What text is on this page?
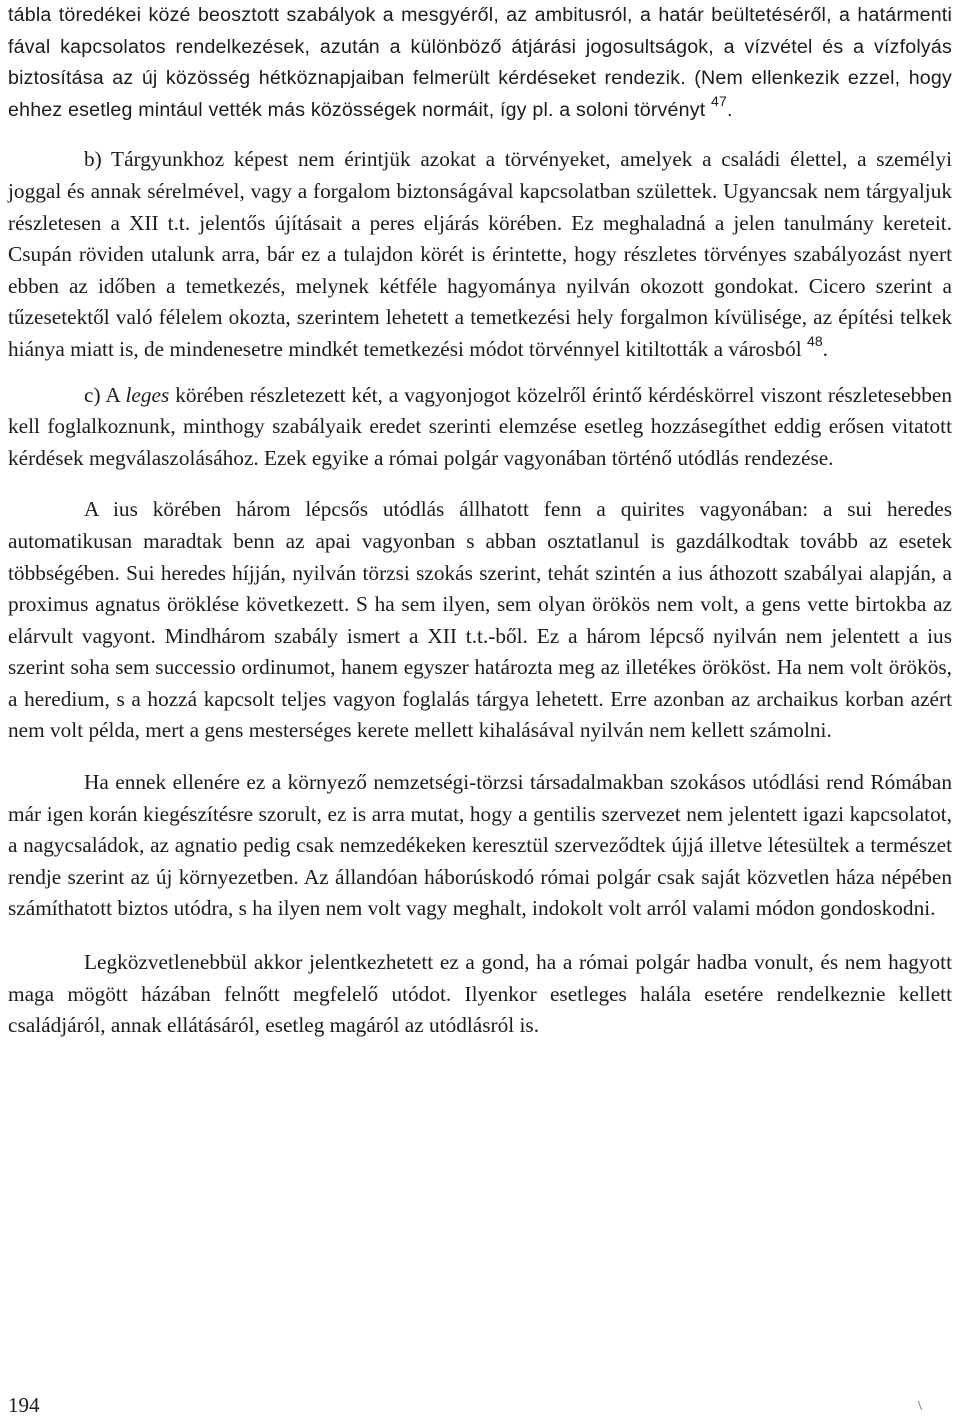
tábla töredékei közé beosztott szabályok a mesgyéről, az ambitusról, a határ beültetéséről, a határmenti fával kapcsolatos rendelkezések, azután a különböző átjárási jogosultságok, a vízvétel és a vízfolyás biztosítása az új közösség hétköznapjaiban felmerült kérdéseket rendezik. (Nem ellenkezik ezzel, hogy ehhez esetleg mintául vették más közösségek normáit, így pl. a soloni törvényt $^{47}$.

b) Tárgyunkhoz képest nem érintjük azokat a törvényeket, amelyek a családi élettel, a személyi joggal és annak sérelmével, vagy a forgalom biztonságával kapcsolatban születtek. Ugyancsak nem tárgyaljuk részletesen a XII t.t. jelentős újításait a peres eljárás körében. Ez meghaladná a jelen tanulmány kereteit. Csupán röviden utalunk arra, bár ez a tulajdon körét is érintette, hogy részletes törvényes szabályozást nyert ebben az időben a temetkezés, melynek kétféle hagyománya nyilván okozott gondokat. Cicero szerint a tűzesetektől való félelem okozta, szerintem lehetett a temetkezési hely forgalmon kívülisége, az építési telkek hiánya miatt is, de mindenesetre mindkét temetkezési módot törvénnyel kitiltották a városból $^{48}$.

c) A leges körében részletezett két, a vagyonjogot közelről érintő kérdéskörrel viszont részletesebben kell foglalkoznunk, minthogy szabályaik eredet szerinti elemzése esetleg hozzásegíthet eddig erősen vitatott kérdések megválaszolásához. Ezek egyike a római polgár vagyonában történő utódlás rendezése.

A ius körében három lépcsős utódlás állhatott fenn a quirites vagyonában: a sui heredes automatikusan maradtak benn az apai vagyonban s abban osztatlanul is gazdálkodtak tovább az esetek többségében. Sui heredes híjján, nyilván törzsi szokás szerint, tehát szintén a ius áthozott szabályai alapján, a proximus agnatus öröklése következett. S ha sem ilyen, sem olyan örökös nem volt, a gens vette birtokba az elárvult vagyont. Mindhárom szabály ismert a XII t.t.-ből. Ez a három lépcső nyilván nem jelentett a ius szerint soha sem successio ordinumot, hanem egyszer határozta meg az illetékes örököst. Ha nem volt örökös, a heredium, s a hozzá kapcsolt teljes vagyon foglalás tárgya lehetett. Erre azonban az archaikus korban azért nem volt példa, mert a gens mesterséges kerete mellett kihalásával nyilván nem kellett számolni.

Ha ennek ellenére ez a környező nemzetségi-törzsi társadalmakban szokásos utódlási rend Rómában már igen korán kiegészítésre szorult, ez is arra mutat, hogy a gentilis szervezet nem jelentett igazi kapcsolatot, a nagycsaládok, az agnatio pedig csak nemzedékeken keresztül szerveződtek újjá illetve létesültek a természet rendje szerint az új környezetben. Az állandóan háborúskodó római polgár csak saját közvetlen háza népében számíthatott biztos utódra, s ha ilyen nem volt vagy meghalt, indokolt volt arról valami módon gondoskodni.

Legközvetlenebbül akkor jelentkezhetett ez a gond, ha a római polgár hadba vonult, és nem hagyott maga mögött házában felnőtt megfelelő utódot. Ilyenkor esetleges halála esetére rendelkeznie kellett családjáról, annak ellátásáról, esetleg magáról az utódlásról is.

194	\
